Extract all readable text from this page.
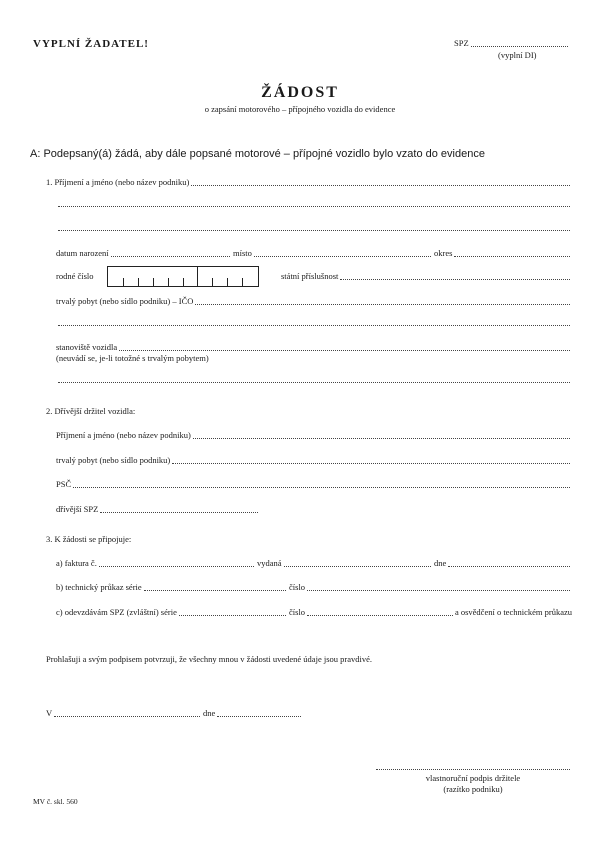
VYPLNÍ ŽADATEL!	SPZ
(vyplní DI)
ŽÁDOST
o zapsání motorového – přípojného vozidla do evidence
A: Podepsaný(á) žádá, aby dále popsané motorové – přípojné vozidlo bylo vzato do evidence
1. Příjmení a jméno (nebo název podniku)
datum narození	místo	okres
rodné číslo	státní příslušnost
trvalý pobyt (nebo sídlo podniku) – IČO
stanoviště vozidla
(neuvádí se, je-li totožné s trvalým pobytem)
2. Dřívější držitel vozidla:
Příjmení a jméno (nebo název podniku)
trvalý pobyt (nebo sídlo podniku)
PSČ
dřívější SPZ
3. K žádosti se připojuje:
a) faktura č.	vydaná	dne
b) technický průkaz série	číslo
c) odevzdávám SPZ (zvláštní) série	číslo	a osvědčení o technickém průkazu
Prohlašuji a svým podpisem potvrzuji, že všechny mnou v žádosti uvedené údaje jsou pravdivé.
V	dne
vlastnoruční podpis držitele
(razítko podniku)
MV č. skl. 560
